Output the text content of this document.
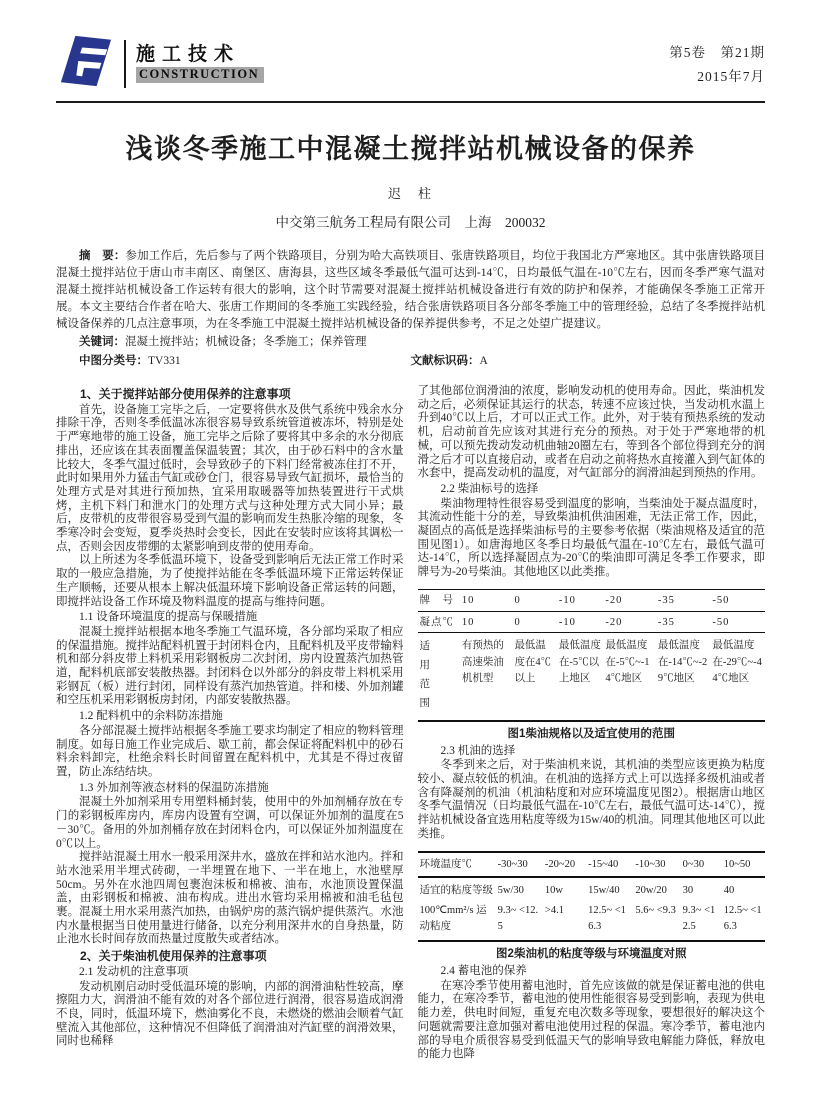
施工技术
CONSTRUCTION
第5卷　第21期
2015年7月
浅谈冬季施工中混凝土搅拌站机械设备的保养
迟　柱
中交第三航务工程局有限公司　上海　200032
摘　要：参加工作后，先后参与了两个铁路项目，分别为哈大高铁项目、张唐铁路项目，均位于我国北方严寒地区。其中张唐铁路项目混凝土搅拌站位于唐山市丰南区、南堡区、唐海县，这些区域冬季最低气温可达到-14℃，日均最低气温在-10℃左右，因而冬季严寒气温对混凝土搅拌站机械设备工作运转有很大的影响，这个时节需要对混凝土搅拌站机械设备进行有效的防护和保养，才能确保冬季施工正常开展。本文主要结合作者在哈大、张唐工作期间的冬季施工实践经验，结合张唐铁路项目各分部冬季施工中的管理经验，总结了冬季搅拌站机械设备保养的几点注意事项，为在冬季施工中混凝土搅拌站机械设备的保养提供参考，不足之处望广提建议。
关键词：混凝土搅拌站；机械设备；冬季施工；保养管理
中图分类号：TV331	文献标识码：A
1、关于搅拌站部分使用保养的注意事项

首先，设备施工完毕之后，一定要将供水及供气系统中残余水分排除干净，否则冬季低温冰冻很容易导致系统管道被冻坏，特别是处于严寒地带的施工设备，施工完毕之后除了要将其中多余的水分彻底排出，还应该在其表面覆盖保温装置；其次，由于砂石料中的含水量比较大，冬季气温过低时，会导致砂子的下料门经常被冻住打不开，此时如果用外力猛击气缸或砂仓门，很容易导致气缸损坏，最恰当的处理方式是对其进行预加热，宜采用取暖器等加热装置进行干式烘烤，主机下料门和泄水门的处理方式与这种处理方式大同小异；最后，皮带机的皮带很容易受到气温的影响而发生热胀冷缩的现象，冬季寒冷时会变短，夏季炎热时会变长，因此在安装时应该将其调松一点，否则会因皮带绷的太紧影响到皮带的使用寿命。

以上所述为冬季低温环境下，设备受到影响后无法正常工作时采取的一般应急措施，为了使搅拌站能在冬季低温环境下正常运转保证生产顺畅，还要从根本上解决低温环境下影响设备正常运转的问题，即搅拌站设备工作环境及物料温度的提高与维持问题。

1.1 设备环境温度的提高与保暖措施

混凝土搅拌站根据本地冬季施工气温环境，各分部均采取了相应的保温措施。搅拌站配料机置于封闭料仓内，且配料机及平皮带输料机和部分斜皮带上料机采用彩钢板房二次封闭，房内设置蒸汽加热管道，配料机底部安装散热器。封闭料仓以外部分的斜皮带上料机采用彩钢瓦（板）进行封闭，同样设有蒸汽加热管道。拌和楼、外加剂罐和空压机采用彩钢板房封闭，内部安装散热器。

1.2 配料机中的余料防冻措施

各分部混凝土搅拌站根据冬季施工要求均制定了相应的物料管理制度。如每日施工作业完成后、歇工前，都会保证将配料机中的砂石料余料卸完，杜绝余料长时间留置在配料机中，尤其是不得过夜留置，防止冻结结块。

1.3 外加剂等液态材料的保温防冻措施

混凝土外加剂采用专用塑料桶封装，使用中的外加剂桶存放在专门的彩钢板库房内，库房内设置有空调，可以保证外加剂的温度在5－30℃。备用的外加剂桶存放在封闭料仓内，可以保证外加剂温度在0℃以上。

搅拌站混凝土用水一般采用深井水，盛放在拌和站水池内。拌和站水池采用半埋式砖砌，一半埋置在地下、一半在地上，水池壁厚50cm。另外在水池四周包裹泡沫板和棉被、油布，水池顶设置保温盖，由彩钢板和棉被、油布构成。进出水管均采用棉被和油毛毡包裹。混凝土用水采用蒸汽加热，由锅炉房的蒸汽锅炉提供蒸汽。水池内水量根据当日使用量进行储备，以充分利用深井水的自身热量，防止池水长时间存放而热量过度散失或者结冰。

2、关于柴油机使用保养的注意事项
2.1 发动机的注意事项

发动机刚启动时受低温环境的影响，内部的润滑油粘性较高，摩擦阻力大，润滑油不能有效的对各个部位进行润滑，很容易造成润滑不良，同时，低温环境下，燃油雾化不良，未燃烧的燃油会顺着气缸壁流入其他部位，这种情况不但降低了润滑油对汽缸壁的润滑效果，同时也稀释

了其他部位润滑油的浓度，影响发动机的使用寿命。因此，柴油机发动之后，必须保证其运行的状态，转速不应该过快，当发动机水温上升到40℃以上后，才可以正式工作。此外，对于装有预热系统的发动机，启动前首先应该对其进行充分的预热。对于处于严寒地带的机械，可以预先拨动发动机曲轴20圈左右，等到各个部位得到充分的润滑之后才可以直接启动，或者在启动之前将热水直接灌入到气缸体的水套中，提高发动机的温度，对气缸部分的润滑油起到预热的作用。

2.2 柴油标号的选择

柴油物理特性很容易受到温度的影响，当柴油处于凝点温度时，其流动性能十分的差，导致柴油机供油困难，无法正常工作，因此，凝固点的高低是选择柴油标号的主要参考依据（柴油规格及适宜的范围见图1）。如唐海地区冬季日均最低气温在-10℃左右，最低气温可达-14℃，所以选择凝固点为-20℃的柴油即可满足冬季工作要求，即牌号为-20号柴油。其他地区以此类推。

牌　号	10	0	-10	-20	-35	-50
凝点℃	10	0	-10	-20	-35	-50
适用范围	有预热的高速柴油机机型	最低温度在4℃以上	最低温度在-5℃以上地区	最低温度在-5℃~-14℃地区	最低温度在-14℃~-29℃地区	最低温度在-29℃~-44℃地区
图1柴油规格以及适宜使用的范围
2.3 机油的选择

冬季到来之后，对于柴油机来说，其机油的类型应该更换为粘度较小、凝点较低的机油。在机油的选择方式上可以选择多级机油或者含有降凝剂的机油（机油粘度和对应环境温度见图2）。根据唐山地区冬季气温情况（日均最低气温在-10℃左右，最低气温可达-14℃），搅拌站机械设备宜选用粘度等级为15w/40的机油。同理其他地区可以此类推。

环境温度℃	-30~30	-20~20	-15~40	-10~30	0~30	10~50
适宜的粘度等级	5w/30	10w	15w/40	20w/20	30	40
100℃mm²/s 运动粘度	9.3~ <12.5	>4.1	12.5~ <16.3	5.6~ <9.3	9.3~ <12.5	12.5~ <16.3
图2柴油机的粘度等级与环境温度对照
2.4 蓄电池的保养

在寒冷季节使用蓄电池时，首先应该做的就是保证蓄电池的供电能力，在寒冷季节，蓄电池的使用性能很容易受到影响，表现为供电能力差，供电时间短，重复充电次数多等现象，要想很好的解决这个问题就需要注意加强对蓄电池使用过程的保温。寒冷季节，蓄电池内部的导电介质很容易受到低温天气的影响导致电解能力降低，释放电的能力也降
